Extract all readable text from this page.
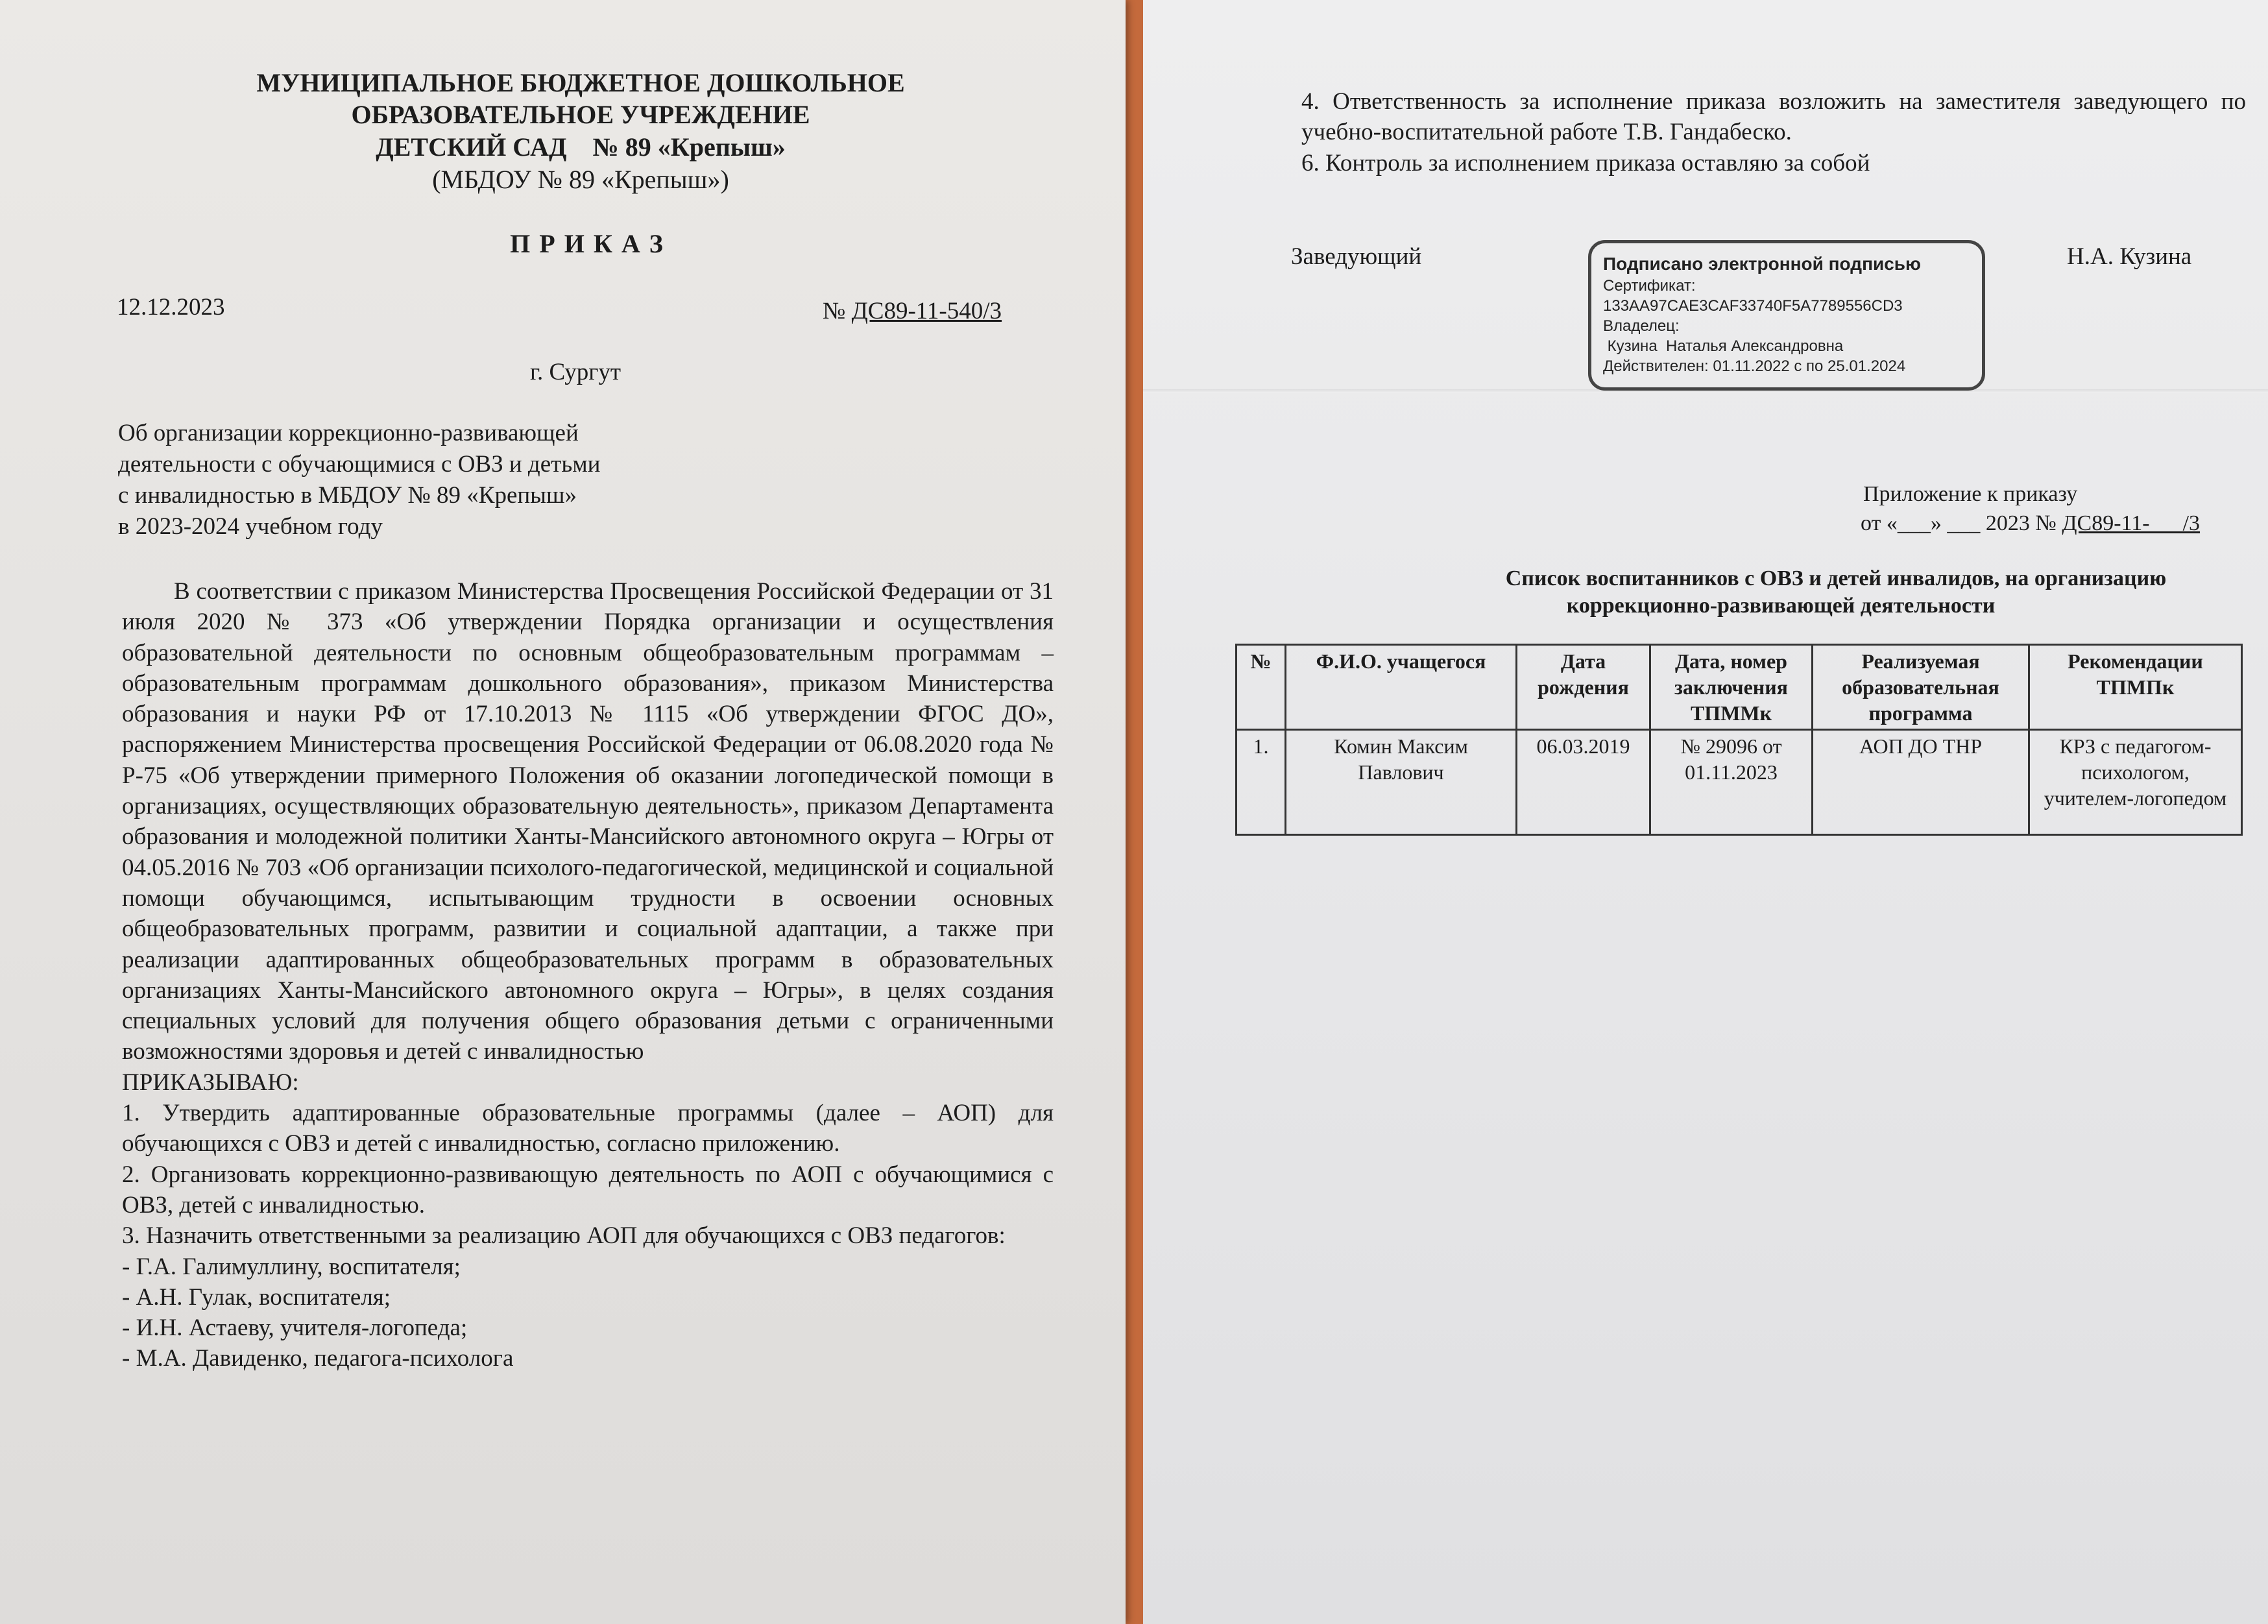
МУНИЦИПАЛЬНОЕ БЮДЖЕТНОЕ ДОШКОЛЬНОЕ
ОБРАЗОВАТЕЛЬНОЕ УЧРЕЖДЕНИЕ
ДЕТСКИЙ САД    № 89 «Крепыш»
(МБДОУ № 89 «Крепыш»)
П Р И К А З
12.12.2023	№ ДС89-11-540/3
г. Сургут
Об организации коррекционно-развивающей
деятельности с обучающимися с ОВЗ и детьми
с инвалидностью в МБДОУ № 89 «Крепыш»
в 2023-2024 учебном году

В соответствии с приказом Министерства Просвещения Российской Федерации от 31 июля 2020 № 373 «Об утверждении Порядка организации и осуществления образовательной деятельности по основным общеобразовательным программам – образовательным программам дошкольного образования», приказом Министерства образования и науки РФ от 17.10.2013 № 1115 «Об утверждении ФГОС ДО», распоряжением Министерства просвещения Российской Федерации от 06.08.2020 года № Р-75 «Об утверждении примерного Положения об оказании логопедической помощи в организациях, осуществляющих образовательную деятельность», приказом Департамента образования и молодежной политики Ханты-Мансийского автономного округа – Югры от 04.05.2016 № 703 «Об организации психолого-педагогической, медицинской и социальной помощи обучающимся, испытывающим трудности в освоении основных общеобразовательных программ, развитии и социальной адаптации, а также при реализации адаптированных общеобразовательных программ в образовательных организациях Ханты-Мансийского автономного округа – Югры», в целях создания специальных условий для получения общего образования детьми с ограниченными возможностями здоровья и детей с инвалидностью

ПРИКАЗЫВАЮ:

1. Утвердить адаптированные образовательные программы (далее – АОП) для обучающихся с ОВЗ и детей с инвалидностью, согласно приложению.

2. Организовать коррекционно-развивающую деятельность по АОП с обучающимися с ОВЗ, детей с инвалидностью.

3. Назначить ответственными за реализацию АОП для обучающихся с ОВЗ педагогов:

- Г.А. Галимуллину, воспитателя;

- А.Н. Гулак, воспитателя;

- И.Н. Астаеву, учителя-логопеда;

- М.А. Давиденко, педагога-психолога

4. Ответственность за исполнение приказа возложить на заместителя заведующего по учебно-воспитательной работе Т.В. Гандабеско.
6. Контроль за исполнением приказа оставляю за собой
Заведующий	Н.А. Кузина
Подписано электронной подписью
Сертификат:
133AA97CAE3CAF33740F5A7789556CD3
Владелец:
Кузина  Наталья Александровна
Действителен: 01.11.2022 с по 25.01.2024
Приложение к приказу
от «___» ___ 2023 № ДС89-11-___/3
Список воспитанников с ОВЗ и детей инвалидов, на организацию
коррекционно-развивающей деятельности
№	Ф.И.О. учащегося	Дата рождения	Дата, номер заключения ТПММк	Реализуемая образовательная программа	Рекомендации ТПМПк
1.	Комин Максим Павлович	06.03.2019	№ 29096 от 01.11.2023	АОП ДО ТНР	КРЗ с педагогом-психологом, учителем-логопедом
